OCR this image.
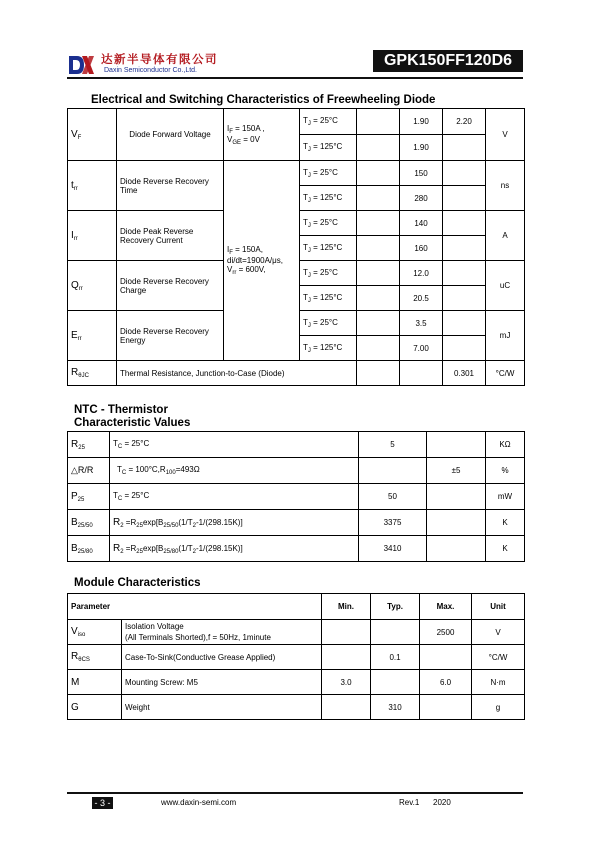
达新半导体有限公司
Daxin Semiconductor Co.,Ltd.
GPK150FF120D6
Electrical and Switching Characteristics of Freewheeling Diode
$V_F$	Diode Forward Voltage	$I_F = 150A$ ,
$V_{GE} = 0V$	$T_J = 25^\circ C$		1.90	2.20	V
			$T_J = 125^\circ C$		1.90		
$t_{rr}$	Diode Reverse Recovery Time	$I_F = 150A$,
di/dt=1900A/μs,
$V_{rr} = 600V$,	$T_J = 25^\circ C$		150		ns
			$T_J = 125^\circ C$		280		
$I_{rr}$	Diode Peak Reverse Recovery Current		$T_J = 25^\circ C$		140		A
			$T_J = 125^\circ C$		160		
$Q_{rr}$	Diode Reverse Recovery Charge		$T_J = 25^\circ C$		12.0		uC
			$T_J = 125^\circ C$		20.5		
$E_{rr}$	Diode Reverse Recovery Energy		$T_J = 25^\circ C$		3.5		mJ
			$T_J = 125^\circ C$		7.00		
$R_{\theta JC}$	Thermal Resistance, Junction-to-Case (Diode)					0.301	°C/W
NTC - Thermistor
Characteristic Values
$R_{25}$	$T_C = 25^\circ C$	5		KΩ
△R/R	$T_C = 100^\circ C,R_{100}=493\Omega$		±5	%
$P_{25}$	$T_C = 25^\circ C$	50		mW
$B_{25/50}$	$R_2 =R_{25}\exp[B_{25/50}(1/T_2-1/(298.15K)]$	3375		K
$B_{25/80}$	$R_2 =R_{25}\exp[B_{25/80}(1/T_2-1/(298.15K)]$	3410		K
Module Characteristics
Parameter		Min.	Typ.	Max.	Unit
$V_{iso}$	Isolation Voltage
(All Terminals Shorted),f = 50Hz, 1minute			2500	V
$R_{\theta CS}$	Case-To-Sink(Conductive Grease Applied)		0.1		°C/W
M	Mounting Screw: M5	3.0		6.0	N·m
G	Weight		310		g
- 3 -	www.daxin-semi.com	Rev.1 2020
